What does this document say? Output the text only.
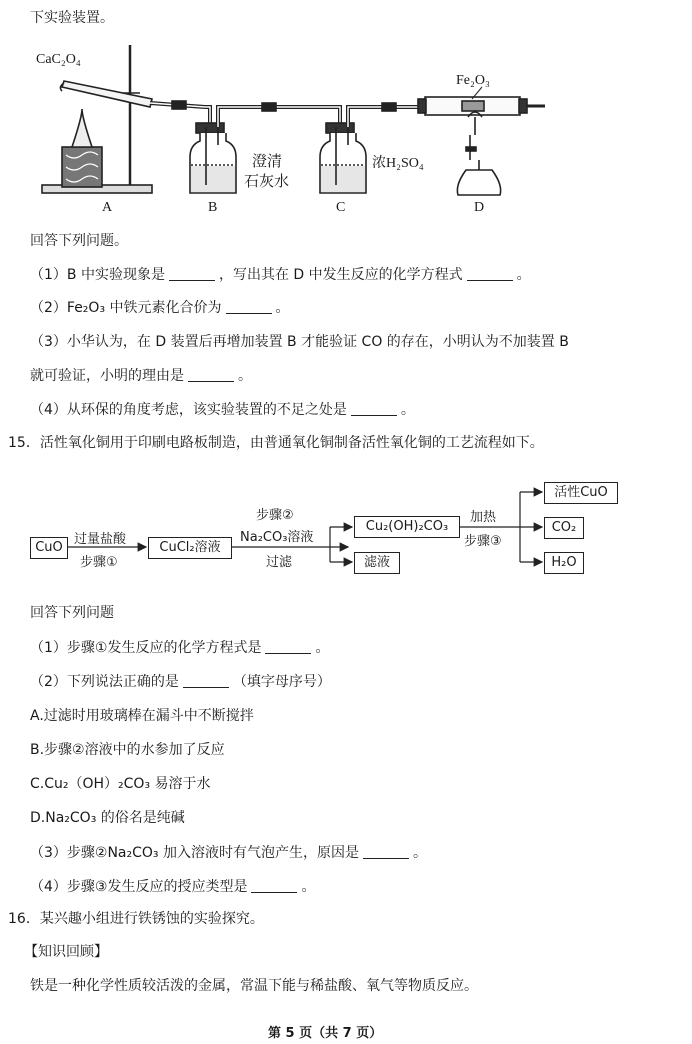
下实验装置。
CaC₂O₄
Fe₂O₃
澄清
石灰水
浓H₂SO₄
A	B	C	D
回答下列问题。
（1）B 中实验现象是	，写出其在 D 中发生反应的化学方程式	。
（2）Fe₂O₃ 中铁元素化合价为	。
（3）小华认为，在 D 装置后再增加装置 B 才能验证 CO 的存在，小明认为不加装置 B
就可验证，小明的理由是	。
（4）从环保的角度考虑，该实验装置的不足之处是	。
15．活性氧化铜用于印刷电路板制造，由普通氧化铜制备活性氧化铜的工艺流程如下。
CuO
过量盐酸
步骤①
CuCl₂溶液
步骤②
Na₂CO₃溶液
过滤
Cu₂(OH)₂CO₃
滤液
加热
步骤③
活性CuO
CO₂
H₂O
回答下列问题
（1）步骤①发生反应的化学方程式是	。
（2）下列说法正确的是	（填字母序号）
A.过滤时用玻璃棒在漏斗中不断搅拌
B.步骤②溶液中的水参加了反应
C.Cu₂（OH）₂CO₃ 易溶于水
D.Na₂CO₃ 的俗名是纯碱
（3）步骤②Na₂CO₃ 加入溶液时有气泡产生，原因是	。
（4）步骤③发生反应的授应类型是	。
16．某兴趣小组进行铁锈蚀的实验探究。
【知识回顾】
铁是一种化学性质较活泼的金属，常温下能与稀盐酸、氧气等物质反应。
第 5 页（共 7 页）
